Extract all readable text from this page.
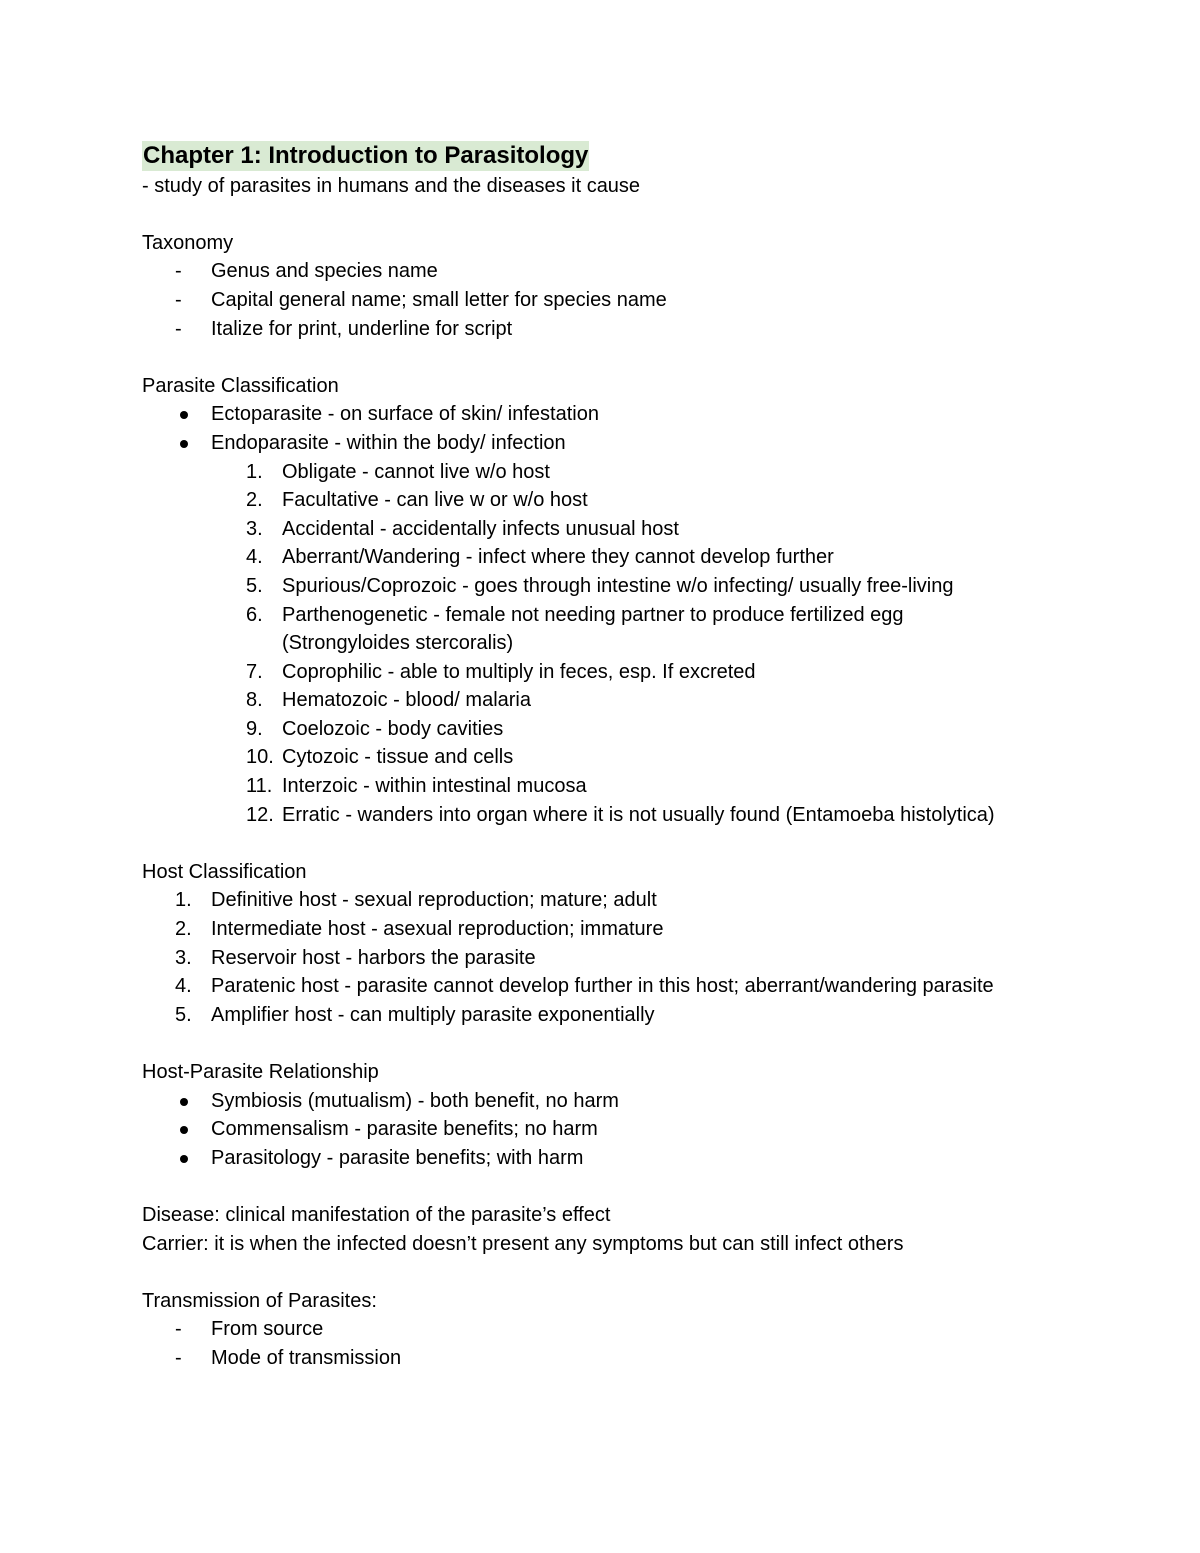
Chapter 1: Introduction to Parasitology

- study of parasites in humans and the diseases it cause

Taxonomy

- Genus and species name
- Capital general name; small letter for species name
- Italize for print, underline for script

Parasite Classification

Ectoparasite - on surface of skin/ infestation
Endoparasite - within the body/ infection
1. Obligate - cannot live w/o host
2. Facultative - can live w or w/o host
3. Accidental - accidentally infects unusual host
4. Aberrant/Wandering - infect where they cannot develop further
5. Spurious/Coprozoic - goes through intestine w/o infecting/ usually free-living
6. Parthenogenetic - female not needing partner to produce fertilized egg (Strongyloides stercoralis)
7. Coprophilic - able to multiply in feces, esp. If excreted
8. Hematozoic - blood/ malaria
9. Coelozoic - body cavities
10. Cytozoic - tissue and cells
11. Interzoic - within intestinal mucosa
12. Erratic - wanders into organ where it is not usually found (Entamoeba histolytica)

Host Classification

1. Definitive host - sexual reproduction; mature; adult
2. Intermediate host - asexual reproduction; immature
3. Reservoir host - harbors the parasite
4. Paratenic host - parasite cannot develop further in this host; aberrant/wandering parasite
5. Amplifier host - can multiply parasite exponentially

Host-Parasite Relationship

Symbiosis (mutualism) - both benefit, no harm
Commensalism - parasite benefits; no harm
Parasitology - parasite benefits; with harm

Disease: clinical manifestation of the parasite’s effect

Carrier: it is when the infected doesn’t present any symptoms but can still infect others

Transmission of Parasites:

- From source
- Mode of transmission
